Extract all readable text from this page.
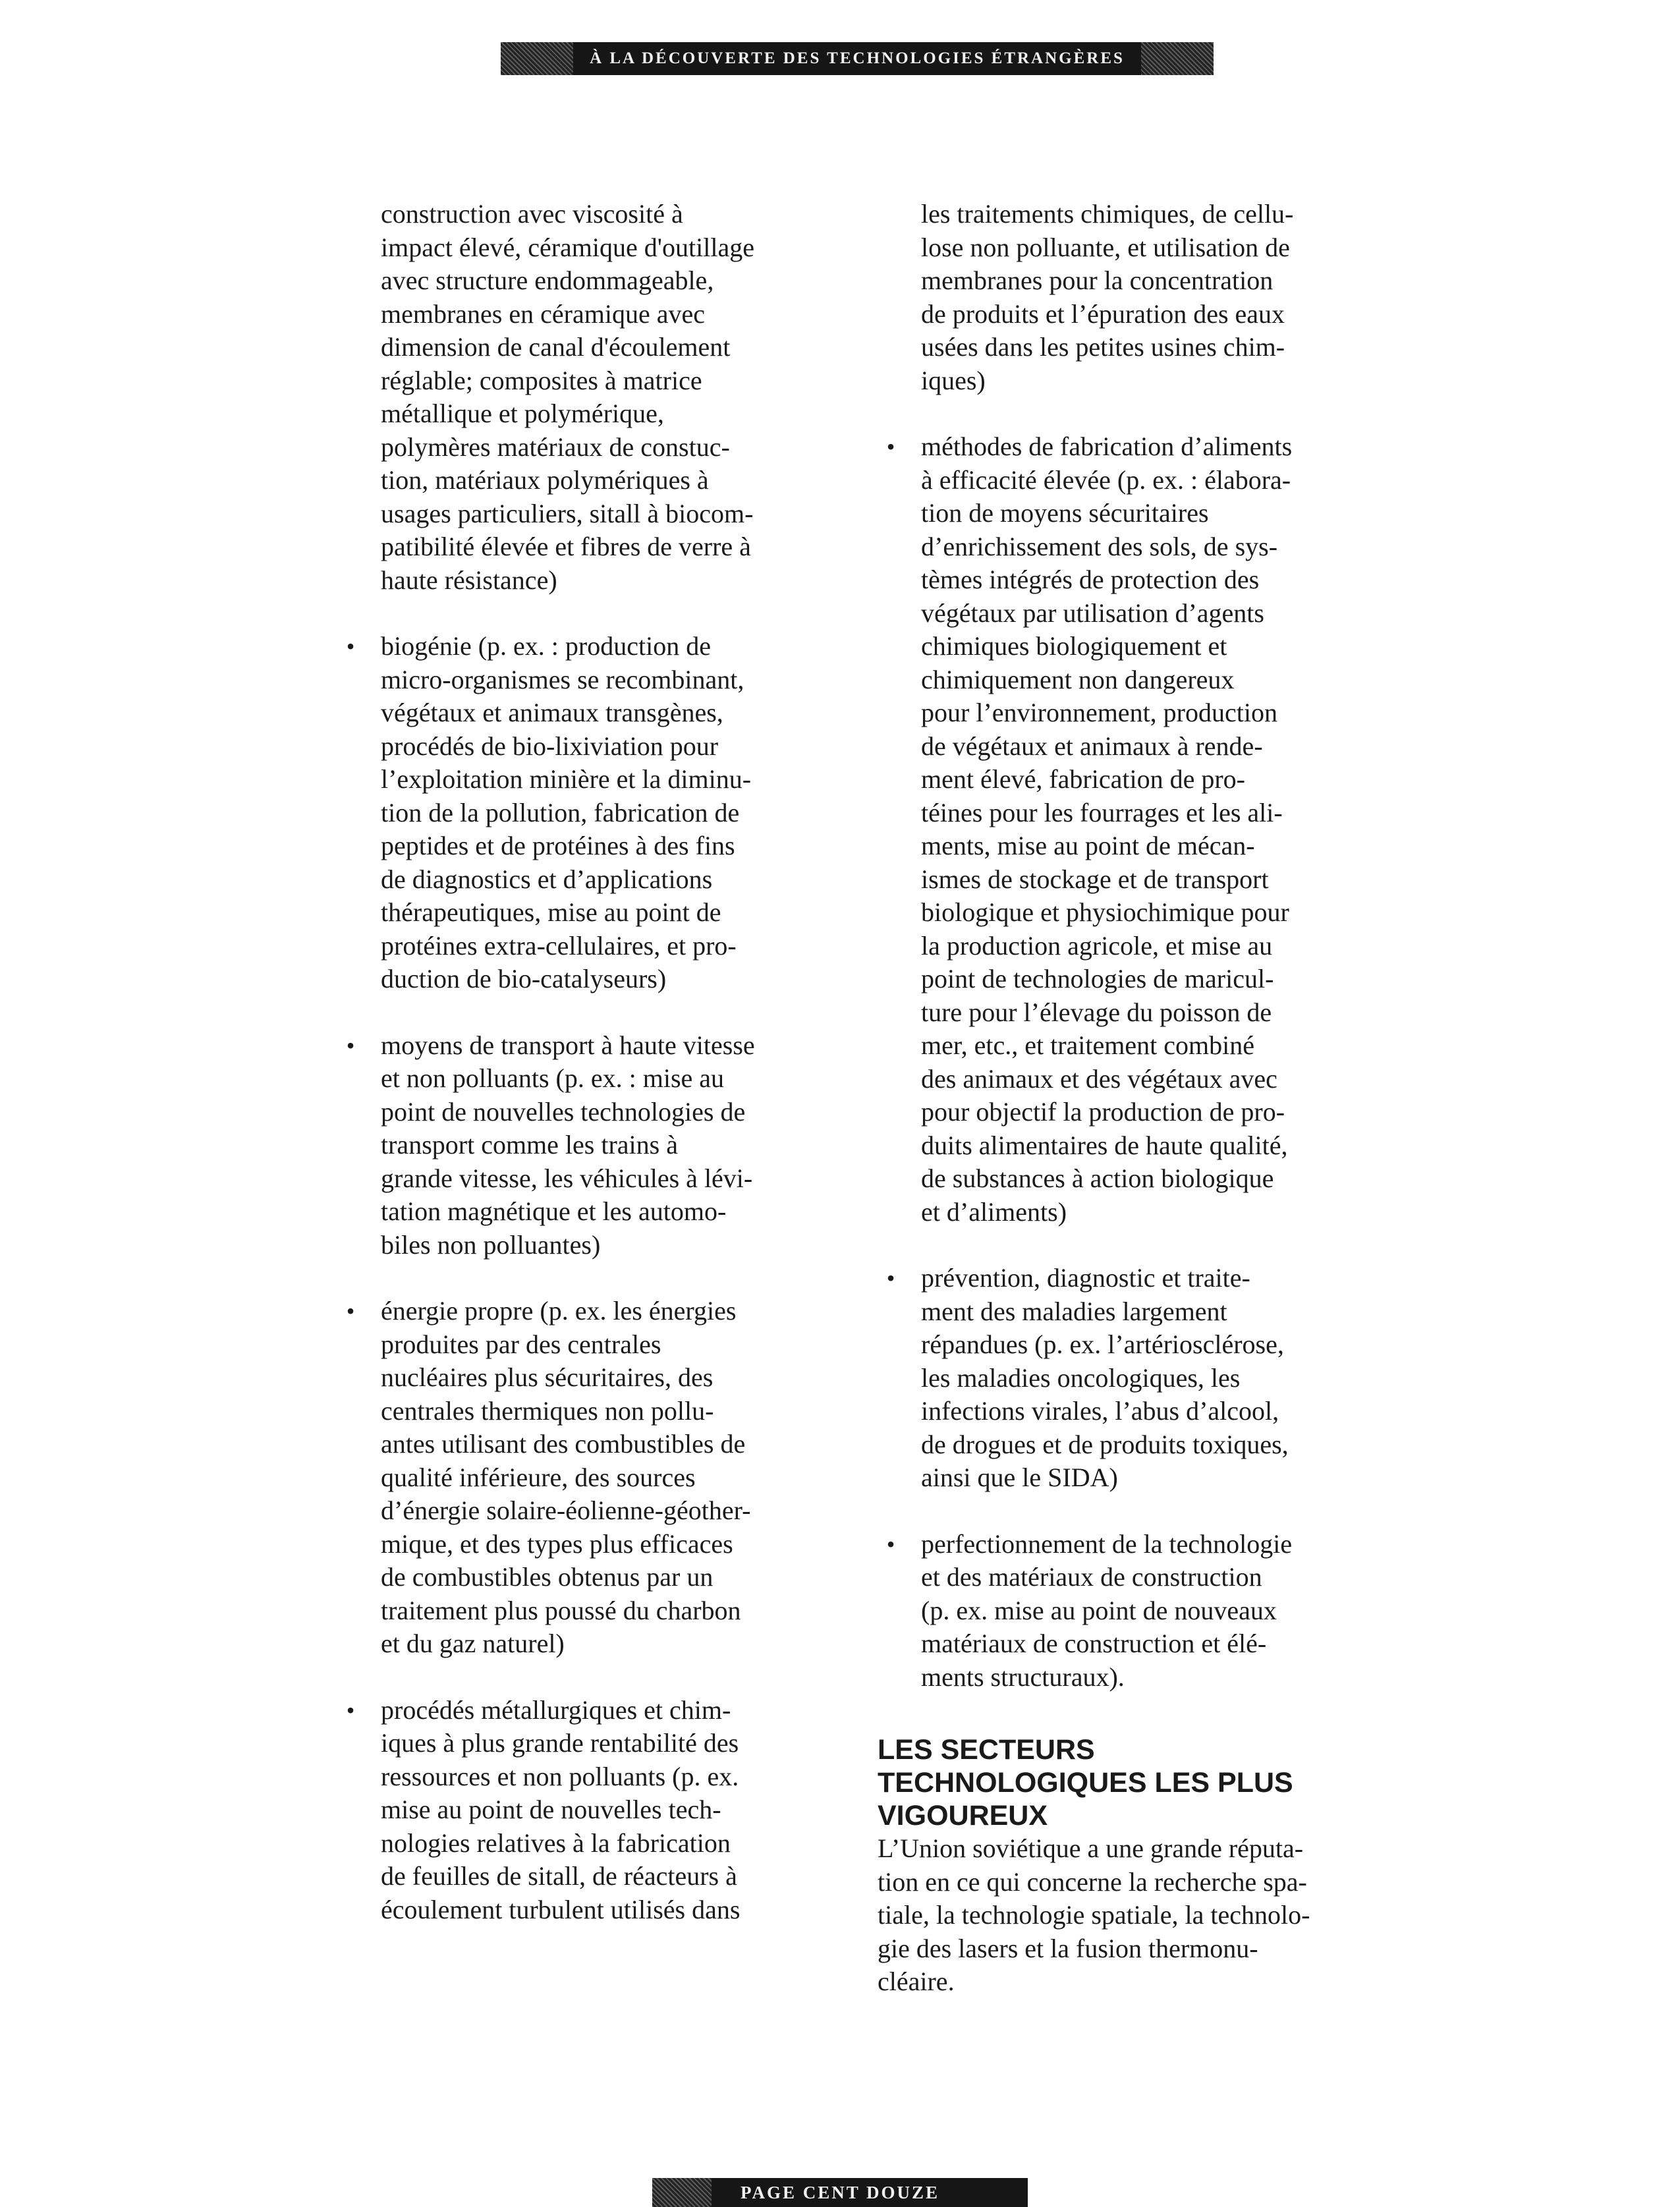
À LA DÉCOUVERTE DES TECHNOLOGIES ÉTRANGÈRES

construction avec viscosité à
impact élevé, céramique d'outillage
avec structure endommageable,
membranes en céramique avec
dimension de canal d'écoulement
réglable; composites à matrice
métallique et polymérique,
polymères matériaux de constuc-
tion, matériaux polymériques à
usages particuliers, sitall à biocom-
patibilité élevée et fibres de verre à
haute résistance)

• biogénie (p. ex. : production de
micro-organismes se recombinant,
végétaux et animaux transgènes,
procédés de bio-lixiviation pour
l’exploitation minière et la diminu-
tion de la pollution, fabrication de
peptides et de protéines à des fins
de diagnostics et d’applications
thérapeutiques, mise au point de
protéines extra-cellulaires, et pro-
duction de bio-catalyseurs)

• moyens de transport à haute vitesse
et non polluants (p. ex. : mise au
point de nouvelles technologies de
transport comme les trains à
grande vitesse, les véhicules à lévi-
tation magnétique et les automo-
biles non polluantes)

• énergie propre (p. ex. les énergies
produites par des centrales
nucléaires plus sécuritaires, des
centrales thermiques non pollu-
antes utilisant des combustibles de
qualité inférieure, des sources
d’énergie solaire-éolienne-géother-
mique, et des types plus efficaces
de combustibles obtenus par un
traitement plus poussé du charbon
et du gaz naturel)

• procédés métallurgiques et chim-
iques à plus grande rentabilité des
ressources et non polluants (p. ex.
mise au point de nouvelles tech-
nologies relatives à la fabrication
de feuilles de sitall, de réacteurs à
écoulement turbulent utilisés dans

les traitements chimiques, de cellu-
lose non polluante, et utilisation de
membranes pour la concentration
de produits et l’épuration des eaux
usées dans les petites usines chim-
iques)

• méthodes de fabrication d’aliments
à efficacité élevée (p. ex. : élabora-
tion de moyens sécuritaires
d’enrichissement des sols, de sys-
tèmes intégrés de protection des
végétaux par utilisation d’agents
chimiques biologiquement et
chimiquement non dangereux
pour l’environnement, production
de végétaux et animaux à rende-
ment élevé, fabrication de pro-
téines pour les fourrages et les ali-
ments, mise au point de mécan-
ismes de stockage et de transport
biologique et physiochimique pour
la production agricole, et mise au
point de technologies de maricul-
ture pour l’élevage du poisson de
mer, etc., et traitement combiné
des animaux et des végétaux avec
pour objectif la production de pro-
duits alimentaires de haute qualité,
de substances à action biologique
et d’aliments)

• prévention, diagnostic et traite-
ment des maladies largement
répandues (p. ex. l’artériosclérose,
les maladies oncologiques, les
infections virales, l’abus d’alcool,
de drogues et de produits toxiques,
ainsi que le SIDA)

• perfectionnement de la technologie
et des matériaux de construction
(p. ex. mise au point de nouveaux
matériaux de construction et élé-
ments structuraux).

LES SECTEURS
TECHNOLOGIQUES LES PLUS
VIGOUREUX

L’Union soviétique a une grande réputa-
tion en ce qui concerne la recherche spa-
tiale, la technologie spatiale, la technolo-
gie des lasers et la fusion thermonu-
cléaire.

PAGE CENT DOUZE
